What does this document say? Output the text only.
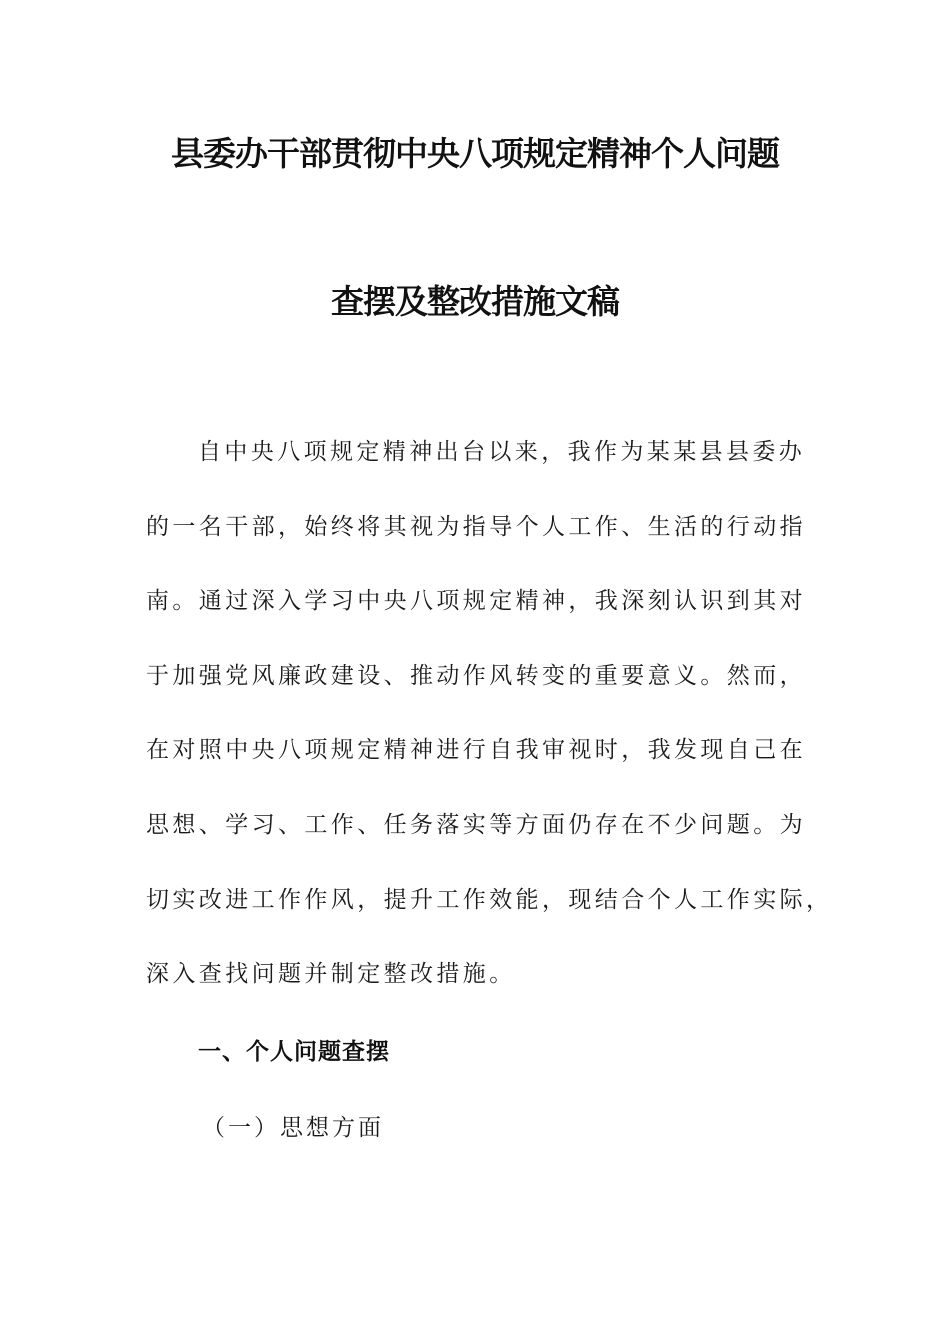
县委办干部贯彻中央八项规定精神个人问题
查摆及整改措施文稿
自中央八项规定精神出台以来，我作为某某县县委办
的一名干部，始终将其视为指导个人工作、生活的行动指
南。通过深入学习中央八项规定精神，我深刻认识到其对
于加强党风廉政建设、推动作风转变的重要意义。然而，
在对照中央八项规定精神进行自我审视时，我发现自己在
思想、学习、工作、任务落实等方面仍存在不少问题。为
切实改进工作作风，提升工作效能，现结合个人工作实际，
深入查找问题并制定整改措施。
一、个人问题查摆
（一）思想方面
